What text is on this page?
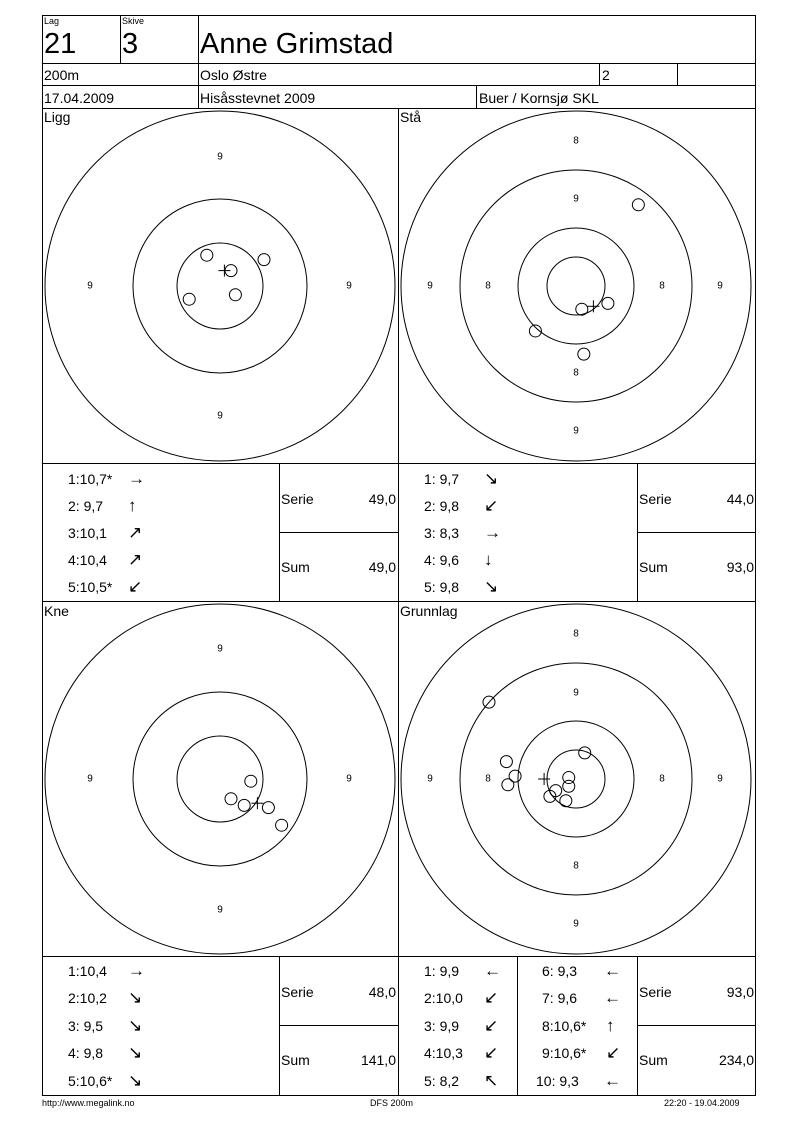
9
9	9
9
8
9
9	8	8	9
9
8
9
9	9
9
8
9
9	8	8	9
9
8
Lag
21
Skive
3 Anne Grimstad
200m	Oslo Østre	2
17.04.2009	Hisåsstevnet 2009	Buer / Kornsjø SKL
Ligg	Stå
Kne	Grunnlag
1:10,7* →
2: 9,7 ↑
3:10,1 ↗
4:10,4 ↗
5:10,5* ↙
Serie	49,0
Sum	49,0
1: 9,7 ↘
2: 9,8 ↙
3: 8,3 →
4: 9,6 ↓
5: 9,8 ↘
Serie	44,0
Sum	93,0
1:10,4 →
2:10,2 ↘
3: 9,5 ↘
4: 9,8 ↘
5:10,6* ↘
Serie	48,0
Sum	141,0
1: 9,9 ←
2:10,0 ↙
3: 9,9 ↙
4:10,3 ↙
5: 8,2 ↖
6: 9,3 ←
7: 9,6 ←
8:10,6* ↑
9:10,6* ↙
10: 9,3 ←
Serie	93,0
Sum	234,0
http://www.megalink.no	DFS 200m	22:20 - 19.04.2009
